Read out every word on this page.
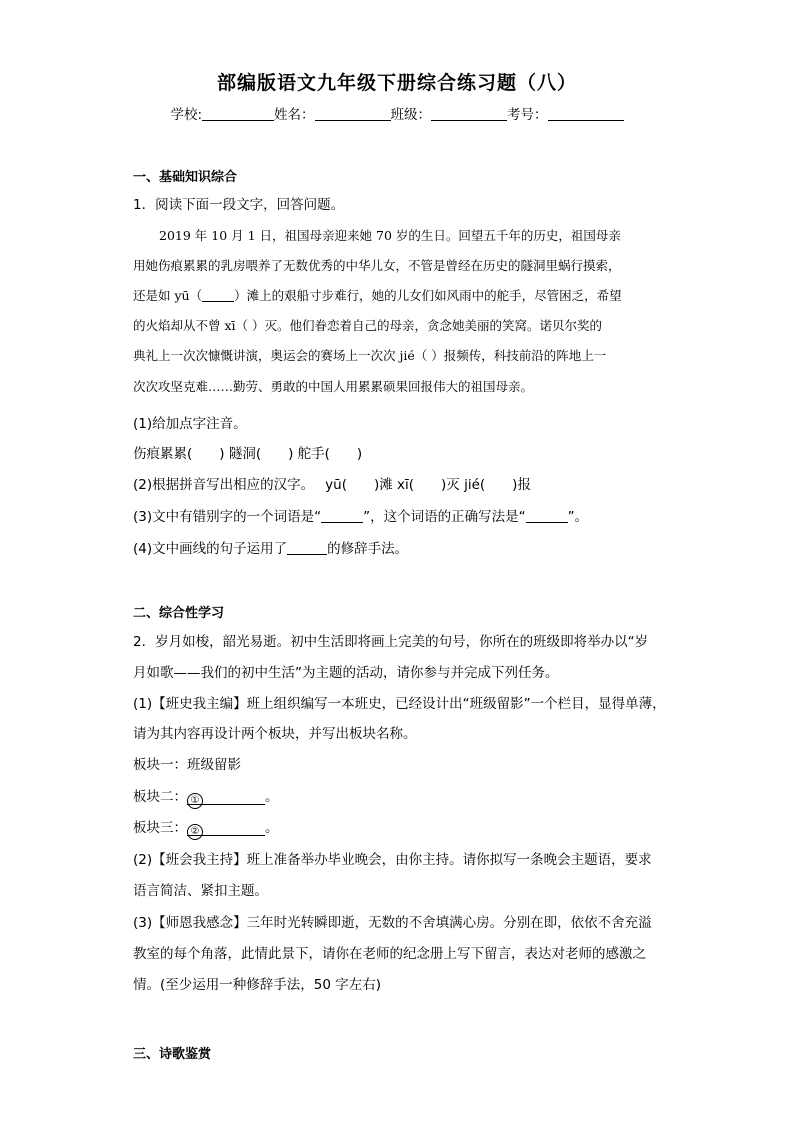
部编版语文九年级下册综合练习题（八）
学校:	姓名：	班级：	考号：
一、基础知识综合
1．阅读下面一段文字，回答问题。
2019 年 10 月 1 日，祖国母亲迎来她 70 岁的生日。回望五千年的历史，祖国母亲
用她伤痕累累的乳房喂养了无数优秀的中华儿女，不管是曾经在历史的隧洞里蜗行摸索，
还是如 yū（	）滩上的艰船寸步难行，她的儿女们如风雨中的舵手，尽管困乏，希望
的火焰却从不曾 xī（ ）灭。他们眷恋着自己的母亲，贪念她美丽的笑窝。诺贝尔奖的
典礼上一次次慷慨讲演，奥运会的赛场上一次次 jié（ ）报频传，科技前沿的阵地上一
次次攻坚克难……勤劳、勇敢的中国人用累累硕果回报伟大的祖国母亲。
(1)给加点字注音。
伤痕累累(　　) 隧洞(　　) 舵手(　　)
(2)根据拼音写出相应的汉字。　 yū(　　)滩 xī(　　)灭 jié(　　)报
(3)文中有错别字的一个词语是“	”，这个词语的正确写法是“	”。
(4)文中画线的句子运用了	的修辞手法。
二、综合性学习
2．岁月如梭，韶光易逝。初中生活即将画上完美的句号，你所在的班级即将举办以“岁
月如歌——我们的初中生活”为主题的活动，请你参与并完成下列任务。
(1)【班史我主编】班上组织编写一本班史，已经设计出“班级留影”一个栏目，显得单薄，
请为其内容再设计两个板块，并写出板块名称。
板块一：班级留影
板块二： ①	。
板块三： ②	。
(2)【班会我主持】班上准备举办毕业晚会，由你主持。请你拟写一条晚会主题语，要求
语言简洁、紧扣主题。
(3)【师恩我感念】三年时光转瞬即逝，无数的不舍填满心房。分别在即，依依不舍充溢
教室的每个角落，此情此景下，请你在老师的纪念册上写下留言，表达对老师的感激之
情。(至少运用一种修辞手法，50 字左右)
三、诗歌鉴赏
